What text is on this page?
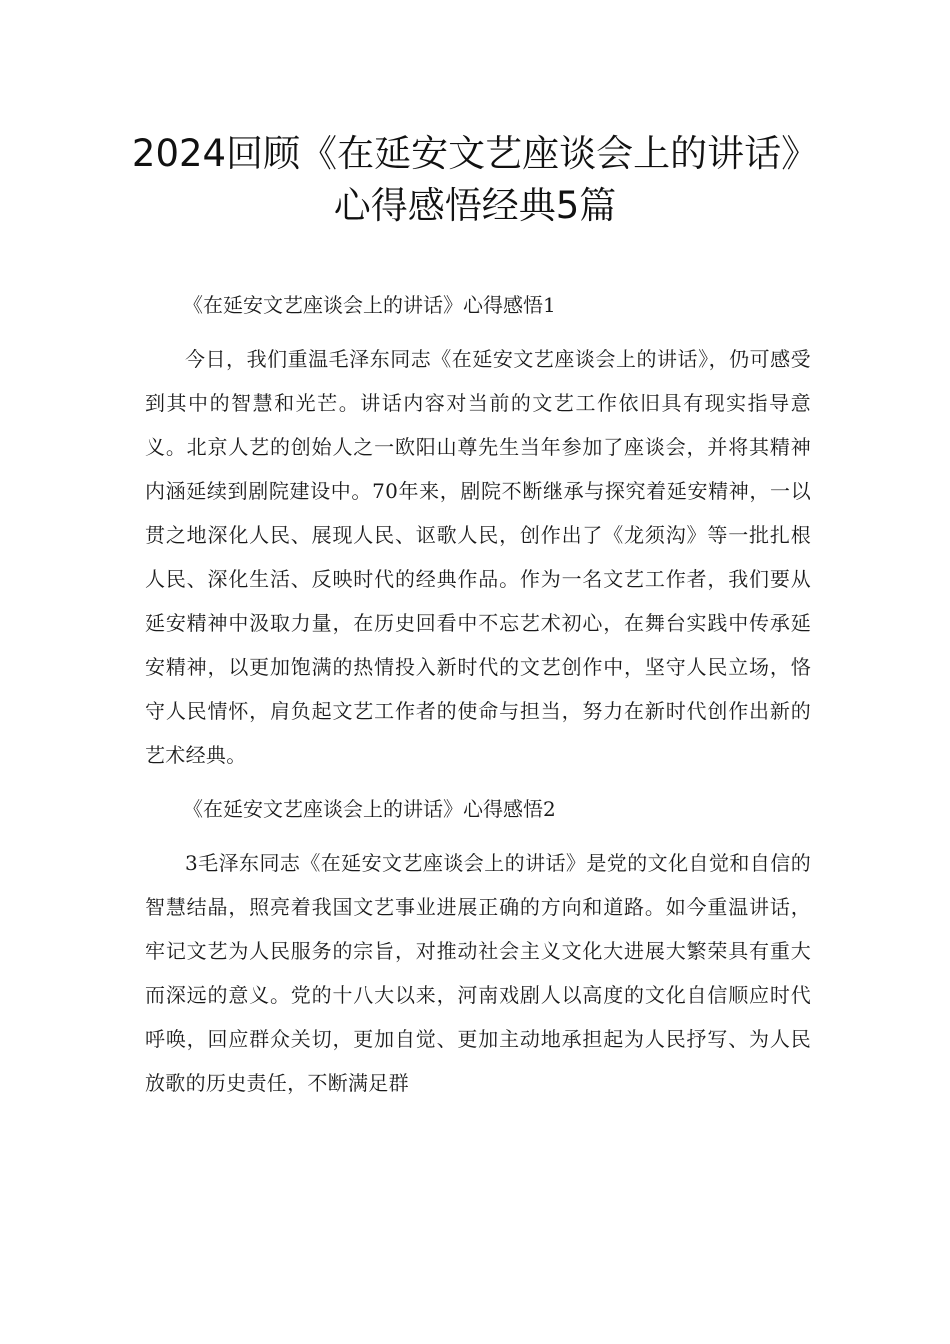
2024回顾《在延安文艺座谈会上的讲话》心得感悟经典5篇
《在延安文艺座谈会上的讲话》心得感悟1

今日，我们重温毛泽东同志《在延安文艺座谈会上的讲话》，仍可感受到其中的智慧和光芒。讲话内容对当前的文艺工作依旧具有现实指导意义。北京人艺的创始人之一欧阳山尊先生当年参加了座谈会，并将其精神内涵延续到剧院建设中。70年来，剧院不断继承与探究着延安精神，一以贯之地深化人民、展现人民、讴歌人民，创作出了《龙须沟》等一批扎根人民、深化生活、反映时代的经典作品。作为一名文艺工作者，我们要从延安精神中汲取力量，在历史回看中不忘艺术初心，在舞台实践中传承延安精神，以更加饱满的热情投入新时代的文艺创作中，坚守人民立场，恪守人民情怀，肩负起文艺工作者的使命与担当，努力在新时代创作出新的艺术经典。

《在延安文艺座谈会上的讲话》心得感悟2

3毛泽东同志《在延安文艺座谈会上的讲话》是党的文化自觉和自信的智慧结晶，照亮着我国文艺事业进展正确的方向和道路。如今重温讲话，牢记文艺为人民服务的宗旨，对推动社会主义文化大进展大繁荣具有重大而深远的意义。党的十八大以来，河南戏剧人以高度的文化自信顺应时代呼唤，回应群众关切，更加自觉、更加主动地承担起为人民抒写、为人民放歌的历史责任，不断满足群
